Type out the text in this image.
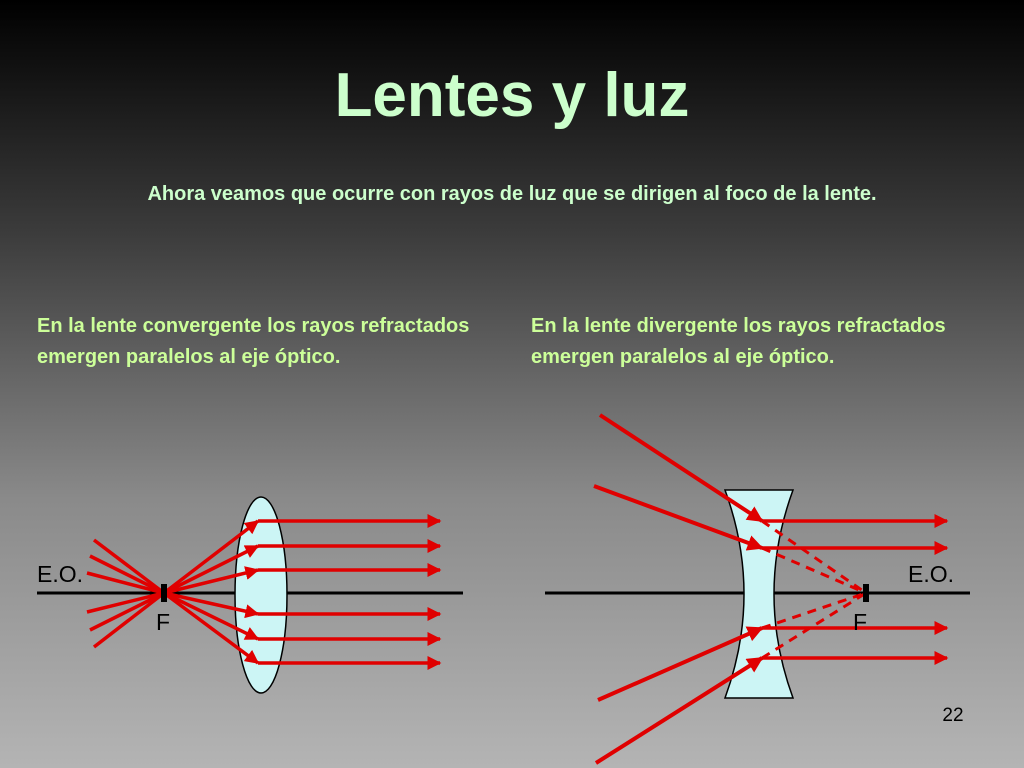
Lentes y luz
Ahora veamos que ocurre con rayos de luz que se dirigen al foco de la lente.
En la lente convergente los rayos refractados emergen paralelos al eje óptico.
En la lente divergente los rayos refractados emergen paralelos al eje óptico.
E.O.
F
E.O.
F
22
